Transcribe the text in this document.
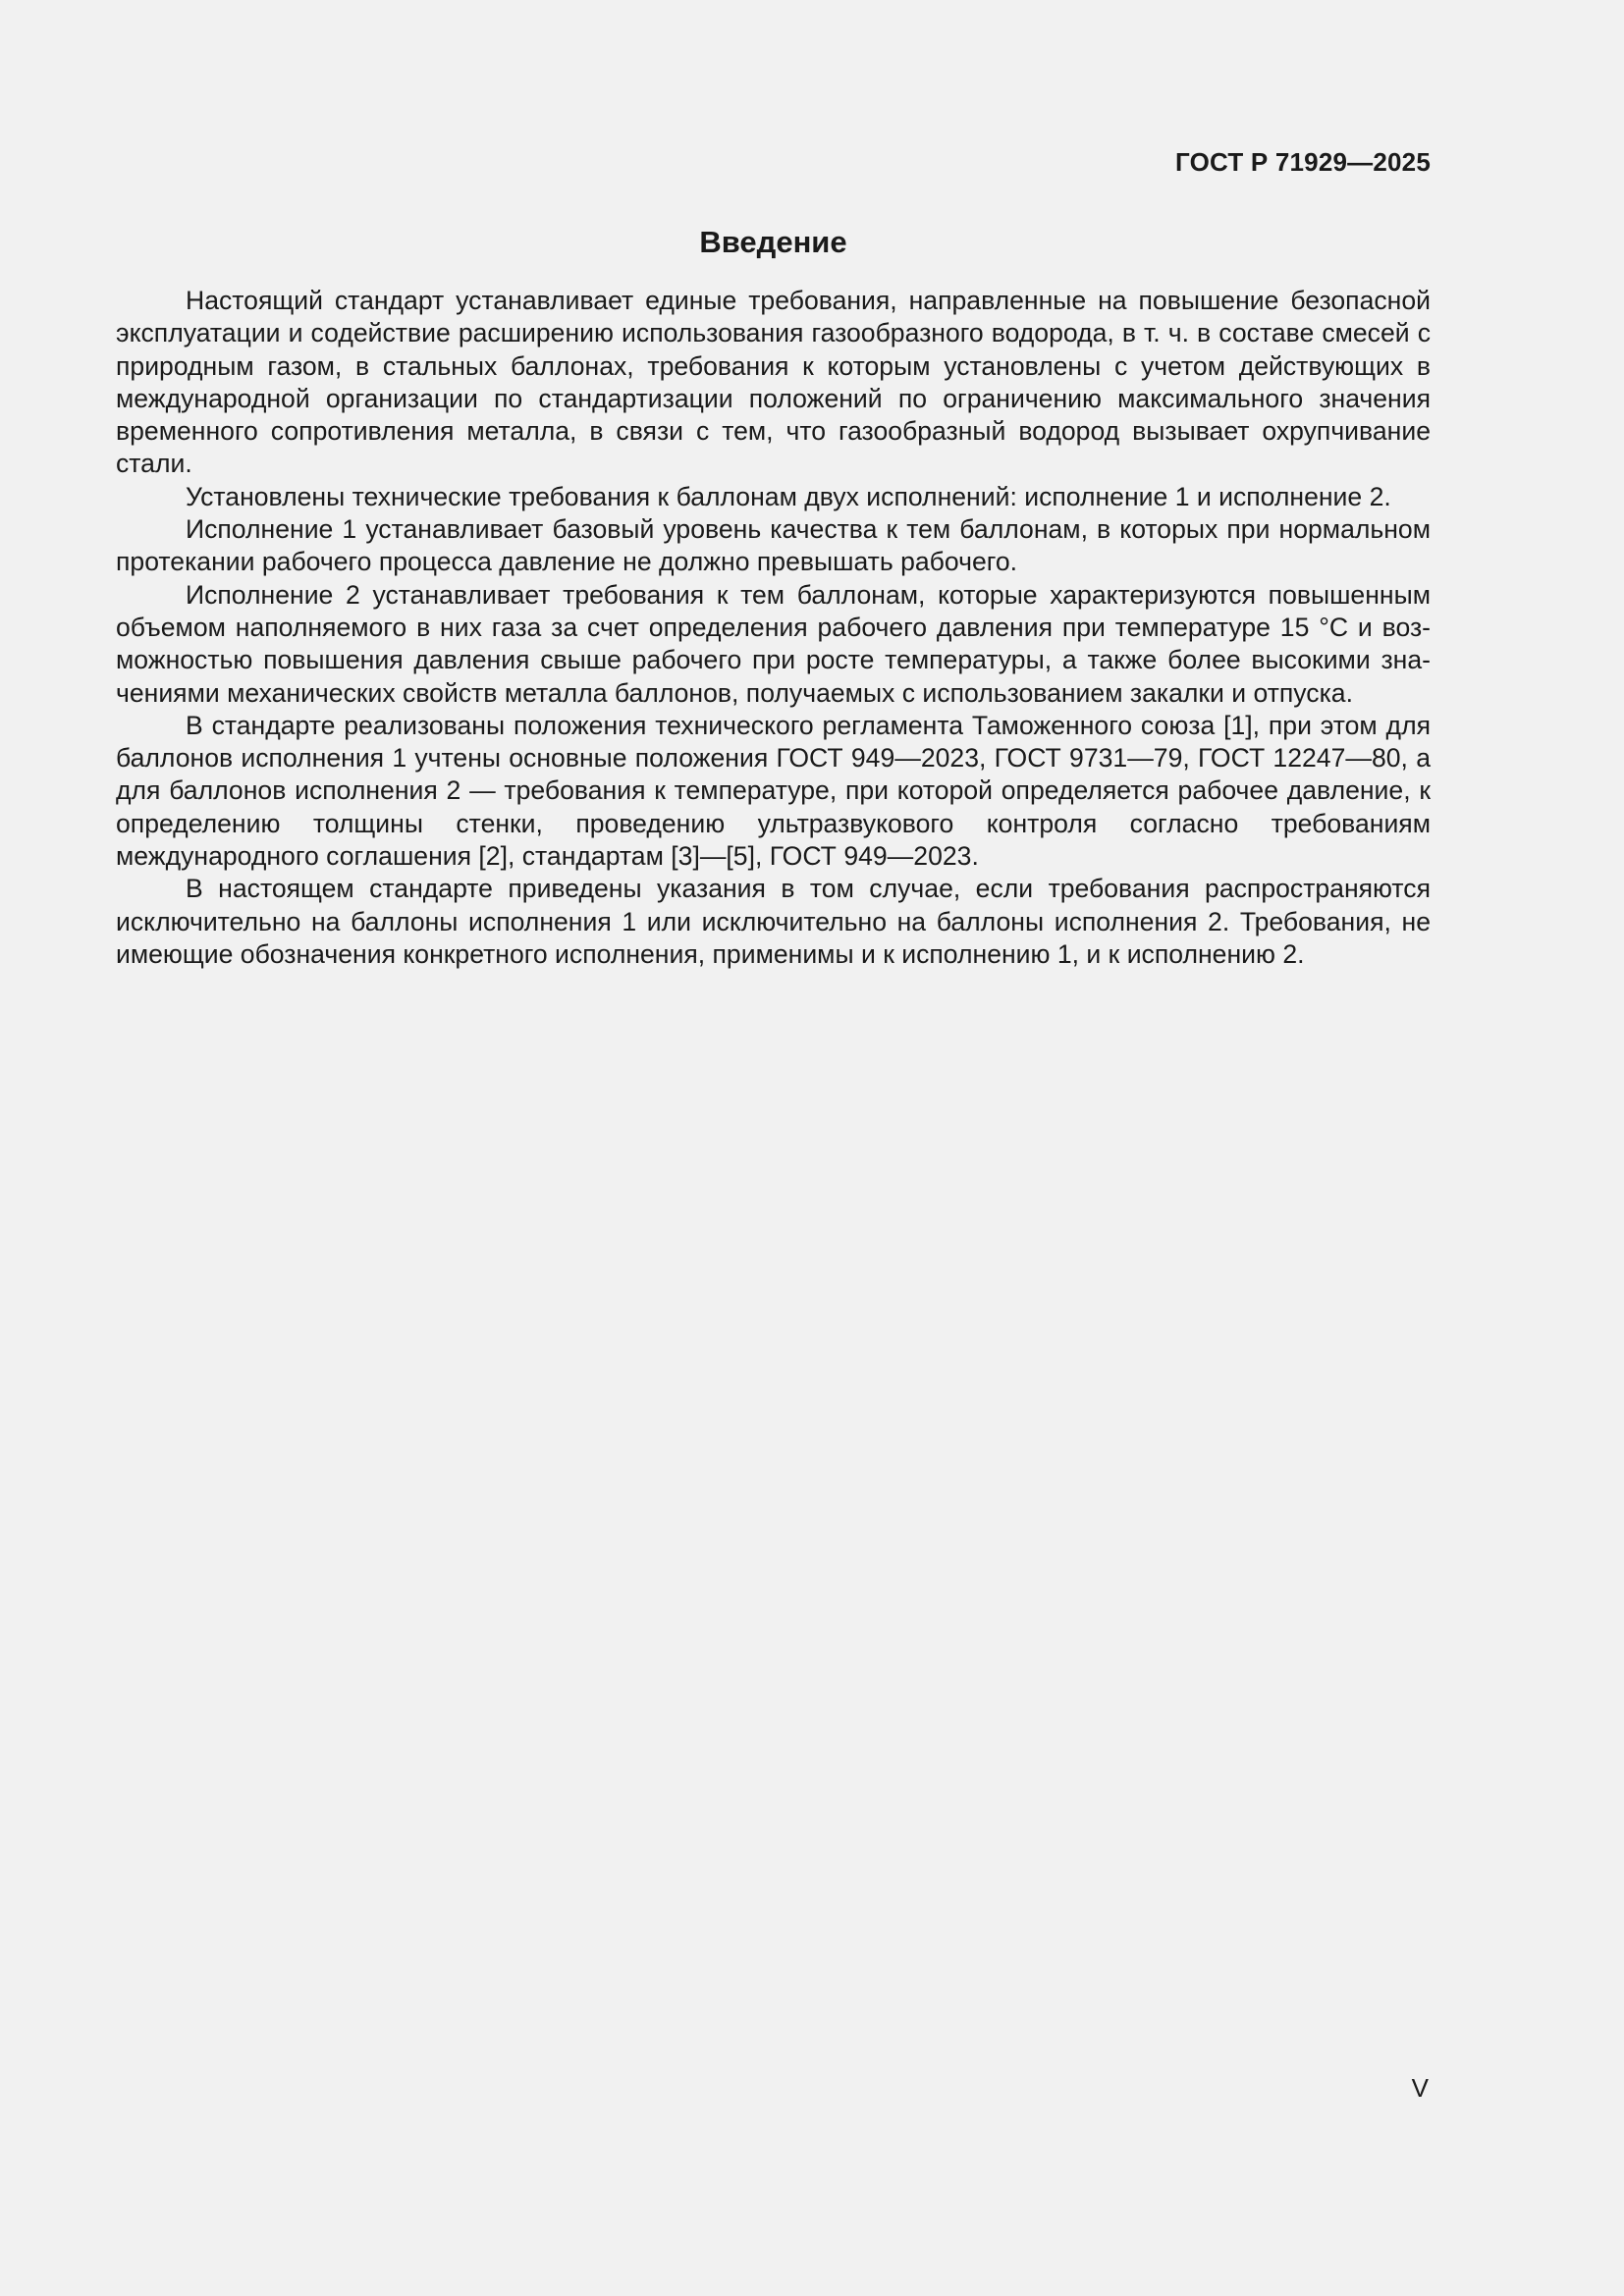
ГОСТ Р 71929—2025
Введение

Настоящий стандарт устанавливает единые требования, направленные на повышение безопасной эксплуатации и содействие расширению использования газообразного водорода, в т. ч. в составе смесей с природным газом, в стальных баллонах, требования к которым установлены с учетом действующих в международной организации по стандартизации положений по ограничению максимального значения временного сопротивления металла, в связи с тем, что газообразный водород вызывает охрупчивание стали.

Установлены технические требования к баллонам двух исполнений: исполнение 1 и исполнение 2.

Исполнение 1 устанавливает базовый уровень качества к тем баллонам, в которых при нормальном протекании рабочего процесса давление не должно превышать рабочего.

Исполнение 2 устанавливает требования к тем баллонам, которые характеризуются повышенным объемом наполняемого в них газа за счет определения рабочего давления при температуре 15 °С и возможностью повышения давления свыше рабочего при росте температуры, а также более высокими значениями механических свойств металла баллонов, получаемых с использованием закалки и отпуска.

В стандарте реализованы положения технического регламента Таможенного союза [1], при этом для баллонов исполнения 1 учтены основные положения ГОСТ 949—2023, ГОСТ 9731—79, ГОСТ 12247—80, а для баллонов исполнения 2 — требования к температуре, при которой определяется рабочее давление, к определению толщины стенки, проведению ультразвукового контроля согласно требованиям международного соглашения [2], стандартам [3]—[5], ГОСТ 949—2023.

В настоящем стандарте приведены указания в том случае, если требования распространяются исключительно на баллоны исполнения 1 или исключительно на баллоны исполнения 2. Требования, не имеющие обозначения конкретного исполнения, применимы и к исполнению 1, и к исполнению 2.

V
